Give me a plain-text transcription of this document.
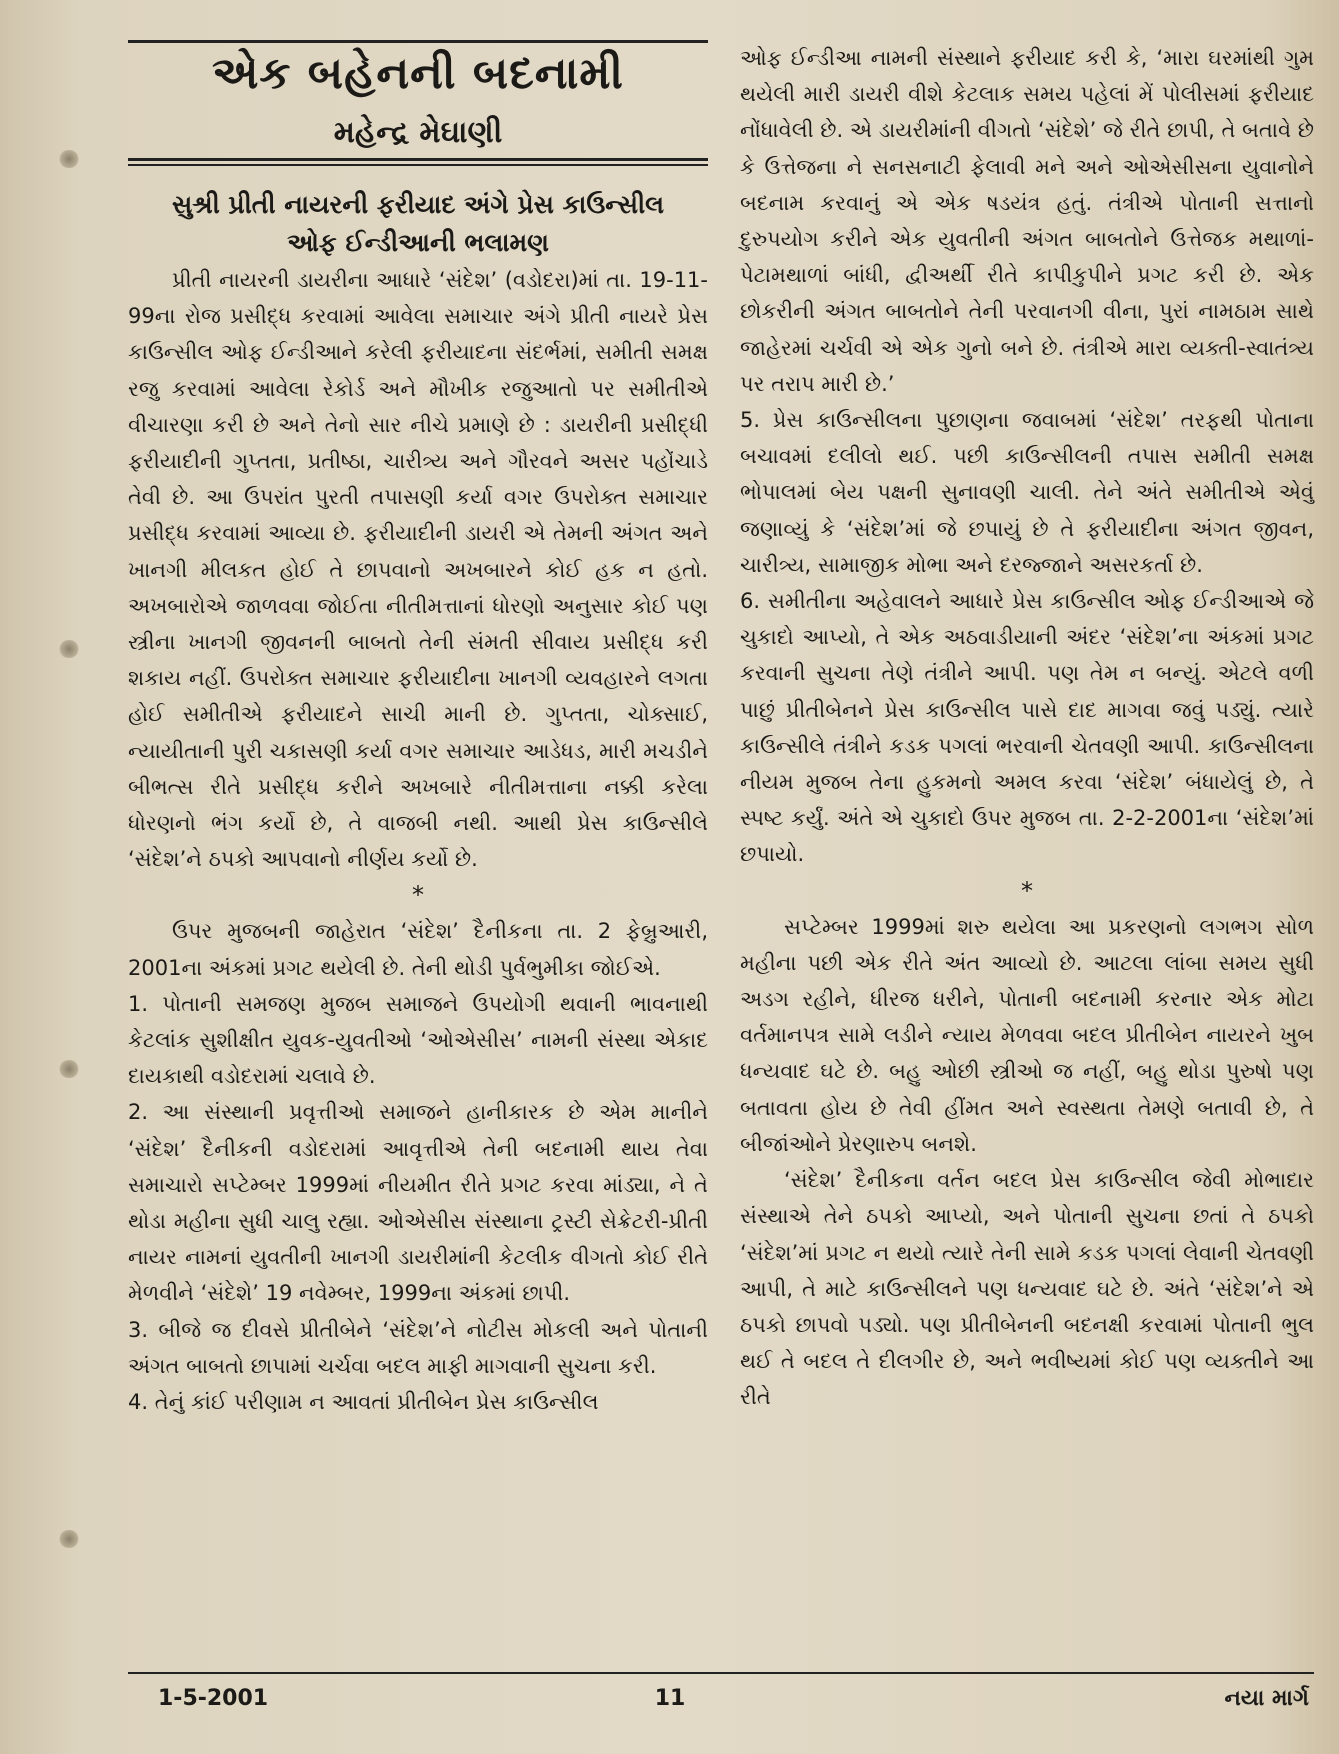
એક બહેનની બદનામી
મહેન્દ્ર મેઘાણી
સુશ્રી પ્રીતી નાયરની ફરીયાદ અંગે પ્રેસ કાઉન્સીલ
ઓફ ઈન્ડીઆની ભલામણ

પ્રીતી નાયરની ડાયરીના આધારે ‘સંદેશ’ (વડોદરા)માં તા. 19-11-99ના રોજ પ્રસીદ્ધ કરવામાં આવેલા સમાચાર અંગે પ્રીતી નાયરે પ્રેસ કાઉન્સીલ ઓફ ઈન્ડીઆને કરેલી ફરીયાદના સંદર્ભમાં, સમીતી સમક્ષ રજુ કરવામાં આવેલા રેકોર્ડ અને મૌખીક રજુઆતો પર સમીતીએ વીચારણા કરી છે અને તેનો સાર નીચે પ્રમાણે છે : ડાયરીની પ્રસીદ્ધી ફરીયાદીની ગુપ્તતા, પ્રતીષ્ઠા, ચારીત્ર્ય અને ગૌરવને અસર પહોંચાડે તેવી છે. આ ઉપરાંત પુરતી તપાસણી કર્યા વગર ઉપરોક્ત સમાચાર પ્રસીદ્ધ કરવામાં આવ્યા છે. ફરીયાદીની ડાયરી એ તેમની અંગત અને ખાનગી મીલકત હોઈ તે છાપવાનો અખબારને કોઈ હક ન હતો. અખબારોએ જાળવવા જોઈતા નીતીમત્તાનાં ધોરણો અનુસાર કોઈ પણ સ્ત્રીના ખાનગી જીવનની બાબતો તેની સંમતી સીવાય પ્રસીદ્ધ કરી શકાય નહીં. ઉપરોક્ત સમાચાર ફરીયાદીના ખાનગી વ્યવહારને લગતા હોઈ સમીતીએ ફરીયાદને સાચી માની છે. ગુપ્તતા, ચોક્સાઈ, ન્યાયીતાની પુરી ચકાસણી કર્યા વગર સમાચાર આડેધડ, મારી મચડીને બીભત્સ રીતે પ્રસીદ્ધ કરીને અખબારે નીતીમત્તાના નક્કી કરેલા ધોરણનો ભંગ કર્યો છે, તે વાજબી નથી. આથી પ્રેસ કાઉન્સીલે ‘સંદેશ’ને ઠપકો આપવાનો નીર્ણય કર્યો છે.

*

ઉપર મુજબની જાહેરાત ‘સંદેશ’ દૈનીકના તા. 2 ફેબ્રુઆરી, 2001ના અંકમાં પ્રગટ થયેલી છે. તેની થોડી પુર્વભુમીકા જોઈએ.

1. પોતાની સમજણ મુજબ સમાજને ઉપયોગી થવાની ભાવનાથી કેટલાંક સુશીક્ષીત યુવક-યુવતીઓ ‘ઓએસીસ’ નામની સંસ્થા એકાદ દાયકાથી વડોદરામાં ચલાવે છે.

2. આ સંસ્થાની પ્રવૃત્તીઓ સમાજને હાનીકારક છે એમ માનીને ‘સંદેશ’ દૈનીકની વડોદરામાં આવૃત્તીએ તેની બદનામી થાય તેવા સમાચારો સપ્ટેમ્બર 1999માં નીયમીત રીતે પ્રગટ કરવા માંડ્યા, ને તે થોડા મહીના સુધી ચાલુ રહ્યા. ઓએસીસ સંસ્થાના ટ્રસ્ટી સેક્રેટરી-પ્રીતી નાયર નામનાં યુવતીની ખાનગી ડાયરીમાંની કેટલીક વીગતો કોઈ રીતે મેળવીને ‘સંદેશે’ 19 નવેમ્બર, 1999ના અંકમાં છાપી.

3. બીજે જ દીવસે પ્રીતીબેને ‘સંદેશ’ને નોટીસ મોકલી અને પોતાની અંગત બાબતો છાપામાં ચર્ચવા બદલ માફી માગવાની સુચના કરી.

4. તેનું કાંઈ પરીણામ ન આવતાં પ્રીતીબેન પ્રેસ કાઉન્સીલ

ઓફ ઈન્ડીઆ નામની સંસ્થાને ફરીયાદ કરી કે, ‘મારા ઘરમાંથી ગુમ થયેલી મારી ડાયરી વીશે કેટલાક સમય પહેલાં મેં પોલીસમાં ફરીયાદ નોંધાવેલી છે. એ ડાયરીમાંની વીગતો ‘સંદેશે’ જે રીતે છાપી, તે બતાવે છે કે ઉત્તેજના ને સનસનાટી ફેલાવી મને અને ઓએસીસના યુવાનોને બદનામ કરવાનું એ એક ષડયંત્ર હતું. તંત્રીએ પોતાની સત્તાનો દુરુપયોગ કરીને એક યુવતીની અંગત બાબતોને ઉત્તેજક મથાળાં-પેટામથાળાં બાંધી, દ્વીઅર્થી રીતે કાપીકુપીને પ્રગટ કરી છે. એક છોકરીની અંગત બાબતોને તેની પરવાનગી વીના, પુરાં નામઠામ સાથે જાહેરમાં ચર્ચવી એ એક ગુનો બને છે. તંત્રીએ મારા વ્યક્તી-સ્વાતંત્ર્ય પર તરાપ મારી છે.’

5. પ્રેસ કાઉન્સીલના પુછાણના જવાબમાં ‘સંદેશ’ તરફથી પોતાના બચાવમાં દલીલો થઈ. પછી કાઉન્સીલની તપાસ સમીતી સમક્ષ ભોપાલમાં બેય પક્ષની સુનાવણી ચાલી. તેને અંતે સમીતીએ એવું જણાવ્યું કે ‘સંદેશ’માં જે છપાયું છે તે ફરીયાદીના અંગત જીવન, ચારીત્ર્ય, સામાજીક મોભા અને દરજ્જાને અસરકર્તા છે.

6. સમીતીના અહેવાલને આધારે પ્રેસ કાઉન્સીલ ઓફ ઈન્ડીઆએ જે ચુકાદો આપ્યો, તે એક અઠવાડીયાની અંદર ‘સંદેશ’ના અંકમાં પ્રગટ કરવાની સુચના તેણે તંત્રીને આપી. પણ તેમ ન બન્યું. એટલે વળી પાછું પ્રીતીબેનને પ્રેસ કાઉન્સીલ પાસે દાદ માગવા જવું પડ્યું. ત્યારે કાઉન્સીલે તંત્રીને કડક પગલાં ભરવાની ચેતવણી આપી. કાઉન્સીલના નીયમ મુજબ તેના હુકમનો અમલ કરવા ‘સંદેશ’ બંધાયેલું છે, તે સ્પષ્ટ કર્યું. અંતે એ ચુકાદો ઉપર મુજબ તા. 2-2-2001ના ‘સંદેશ’માં છપાયો.

*

સપ્ટેમ્બર 1999માં શરુ થયેલા આ પ્રકરણનો લગભગ સોળ મહીના પછી એક રીતે અંત આવ્યો છે. આટલા લાંબા સમય સુધી અડગ રહીને, ધીરજ ધરીને, પોતાની બદનામી કરનાર એક મોટા વર્તમાનપત્ર સામે લડીને ન્યાય મેળવવા બદલ પ્રીતીબેન નાયરને ખુબ ધન્યવાદ ઘટે છે. બહુ ઓછી સ્ત્રીઓ જ નહીં, બહુ થોડા પુરુષો પણ બતાવતા હોય છે તેવી હીંમત અને સ્વસ્થતા તેમણે બતાવી છે, તે બીજાંઓને પ્રેરણારુપ બનશે.

‘સંદેશ’ દૈનીકના વર્તન બદલ પ્રેસ કાઉન્સીલ જેવી મોભાદાર સંસ્થાએ તેને ઠપકો આપ્યો, અને પોતાની સુચના છતાં તે ઠપકો ‘સંદેશ’માં પ્રગટ ન થયો ત્યારે તેની સામે કડક પગલાં લેવાની ચેતવણી આપી, તે માટે કાઉન્સીલને પણ ધન્યવાદ ઘટે છે. અંતે ‘સંદેશ’ને એ ઠપકો છાપવો પડ્યો. પણ પ્રીતીબેનની બદનક્ષી કરવામાં પોતાની ભુલ થઈ તે બદલ તે દીલગીર છે, અને ભવીષ્યમાં કોઈ પણ વ્યક્તીને આ રીતે

1-5-2001	11	નયા માર્ગ
